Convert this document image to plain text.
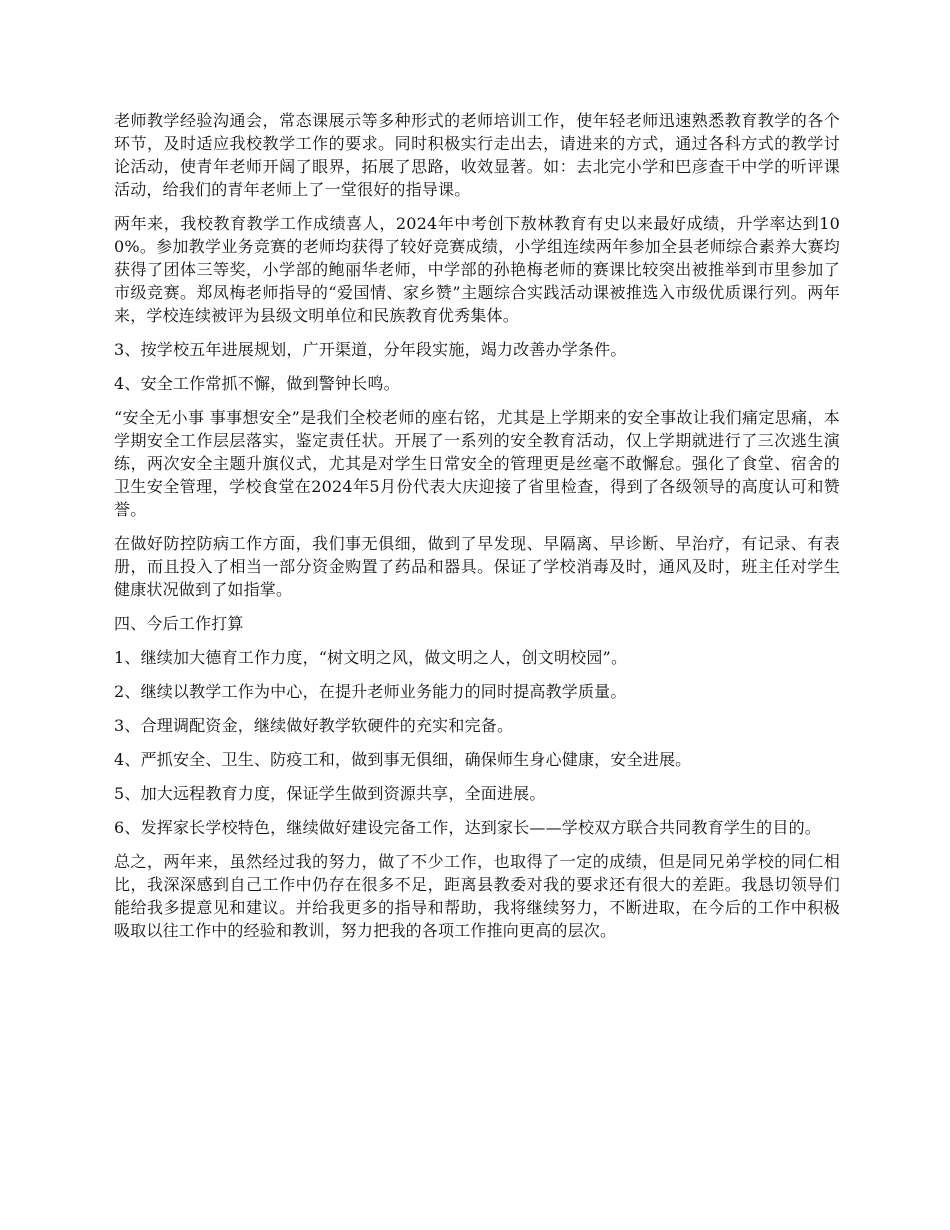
老师教学经验沟通会，常态课展示等多种形式的老师培训工作，使年轻老师迅速熟悉教育教学的各个环节，及时适应我校教学工作的要求。同时积极实行走出去，请进来的方式，通过各科方式的教学讨论活动，使青年老师开阔了眼界，拓展了思路，收效显著。如：去北完小学和巴彦查干中学的听评课活动，给我们的青年老师上了一堂很好的指导课。

两年来，我校教育教学工作成绩喜人，2024年中考创下敖林教育有史以来最好成绩，升学率达到100%。参加教学业务竞赛的老师均获得了较好竞赛成绩，小学组连续两年参加全县老师综合素养大赛均获得了团体三等奖，小学部的鲍丽华老师，中学部的孙艳梅老师的赛课比较突出被推举到市里参加了市级竞赛。郑凤梅老师指导的“爱国情、家乡赞”主题综合实践活动课被推选入市级优质课行列。两年来，学校连续被评为县级文明单位和民族教育优秀集体。

3、按学校五年进展规划，广开渠道，分年段实施，竭力改善办学条件。

4、安全工作常抓不懈，做到警钟长鸣。

“安全无小事 事事想安全”是我们全校老师的座右铭，尤其是上学期来的安全事故让我们痛定思痛，本学期安全工作层层落实，鉴定责任状。开展了一系列的安全教育活动，仅上学期就进行了三次逃生演练，两次安全主题升旗仪式，尤其是对学生日常安全的管理更是丝毫不敢懈怠。强化了食堂、宿舍的卫生安全管理，学校食堂在2024年5月份代表大庆迎接了省里检查，得到了各级领导的高度认可和赞誉。

在做好防控防病工作方面，我们事无俱细，做到了早发现、早隔离、早诊断、早治疗，有记录、有表册，而且投入了相当一部分资金购置了药品和器具。保证了学校消毒及时，通风及时，班主任对学生健康状况做到了如指掌。

四、今后工作打算

1、继续加大德育工作力度，“树文明之风，做文明之人，创文明校园”。

2、继续以教学工作为中心，在提升老师业务能力的同时提高教学质量。

3、合理调配资金，继续做好教学软硬件的充实和完备。

4、严抓安全、卫生、防疫工和，做到事无俱细，确保师生身心健康，安全进展。

5、加大远程教育力度，保证学生做到资源共享，全面进展。

6、发挥家长学校特色，继续做好建设完备工作，达到家长——学校双方联合共同教育学生的目的。

总之，两年来，虽然经过我的努力，做了不少工作，也取得了一定的成绩，但是同兄弟学校的同仁相比，我深深感到自己工作中仍存在很多不足，距离县教委对我的要求还有很大的差距。我恳切领导们能给我多提意见和建议。并给我更多的指导和帮助，我将继续努力，不断进取，在今后的工作中积极吸取以往工作中的经验和教训，努力把我的各项工作推向更高的层次。
